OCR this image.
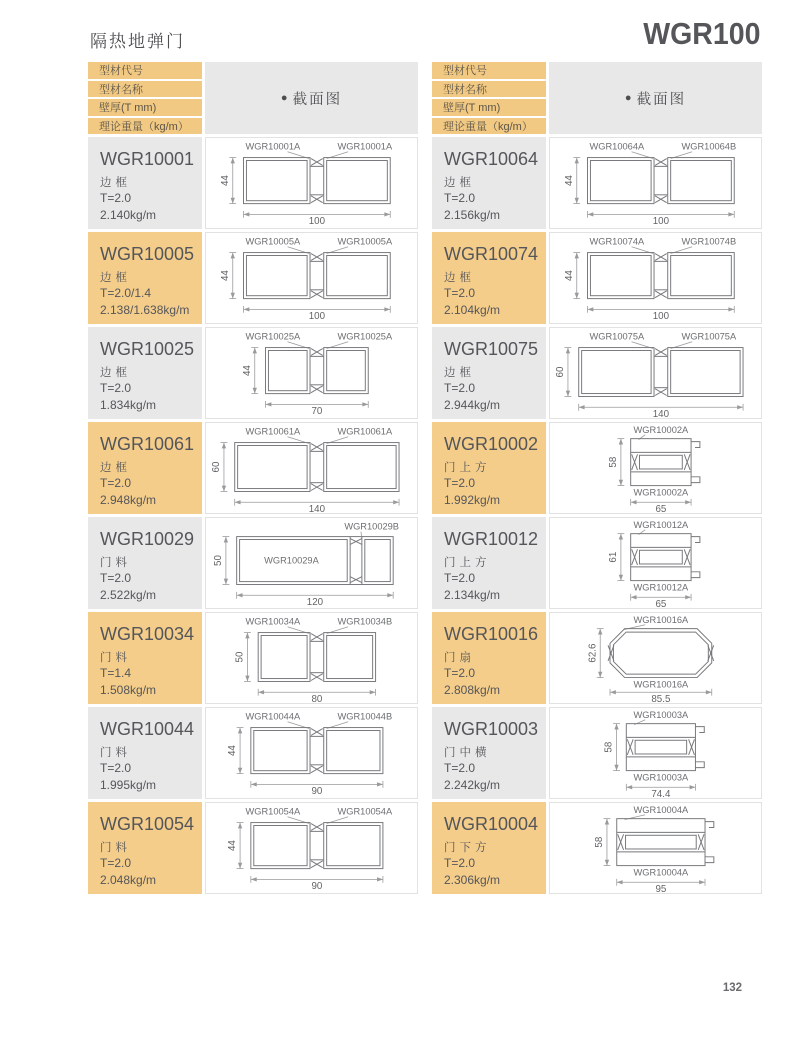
隔热地弹门	WGR100
型材代号
型材名称
壁厚(T mm)
理论重量（kg/m）
● 截面图
WGR10001
边框
T=2.0
2.140kg/m
WGR10001A	WGR10001A
44
100
WGR10005
边框
T=2.0/1.4
2.138/1.638kg/m
WGR10005A	WGR10005A
44
100
WGR10025
边框
T=2.0
1.834kg/m
WGR10025A	WGR10025A
44
70
WGR10061
边框
T=2.0
2.948kg/m
WGR10061A	WGR10061A
60
140
WGR10029
门料
T=2.0
2.522kg/m
WGR10029B
WGR10029A
50
120
WGR10034
门料
T=1.4
1.508kg/m
WGR10034A	WGR10034B
50
80
WGR10044
门料
T=2.0
1.995kg/m
WGR10044A	WGR10044B
44
90
WGR10054
门料
T=2.0
2.048kg/m
WGR10054A	WGR10054A
44
90
型材代号
型材名称
壁厚(T mm)
理论重量（kg/m）
● 截面图
WGR10064
边框
T=2.0
2.156kg/m
WGR10064A	WGR10064B
44
100
WGR10074
边框
T=2.0
2.104kg/m
WGR10074A	WGR10074B
44
100
WGR10075
边框
T=2.0
2.944kg/m
WGR10075A	WGR10075A
60
140
WGR10002
门上方
T=2.0
1.992kg/m
WGR10002A
WGR10002A
58
65
WGR10012
门上方
T=2.0
2.134kg/m
WGR10012A
WGR10012A
61
65
WGR10016
门扇
T=2.0
2.808kg/m
WGR10016A
WGR10016A
62.6
85.5
WGR10003
门中横
T=2.0
2.242kg/m
WGR10003A
WGR10003A
58
74.4
WGR10004
门下方
T=2.0
2.306kg/m
WGR10004A
WGR10004A
58
95
132
